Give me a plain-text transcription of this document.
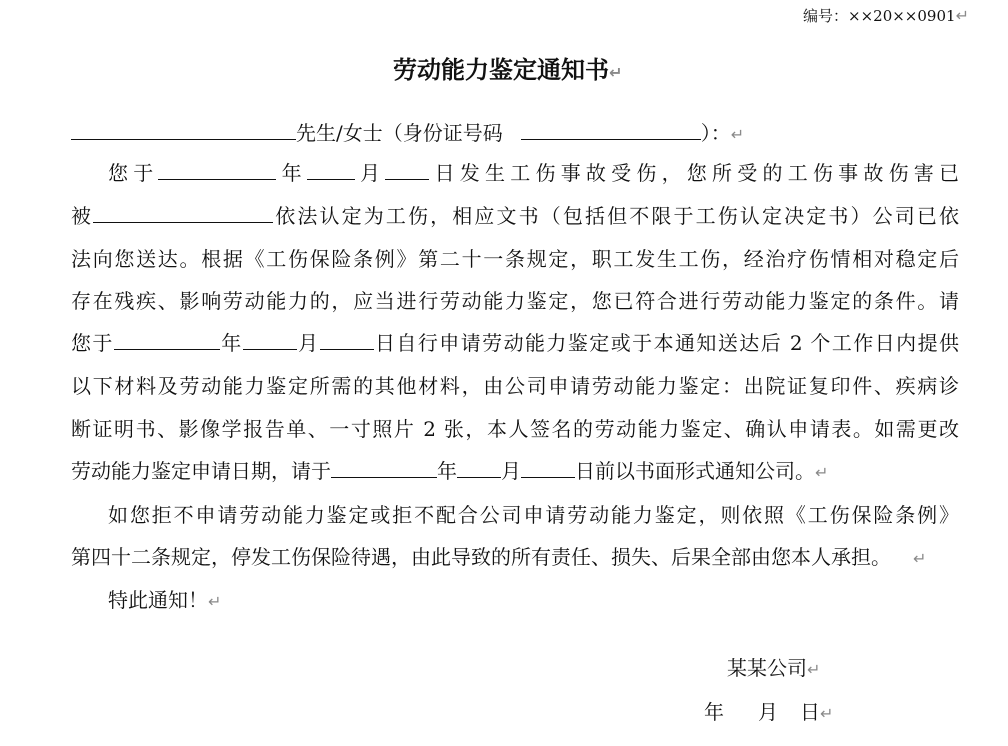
编号：××20××0901↵
劳动能力鉴定通知书↵
先生/女士（身份证号码	）：↵
您于	年 月 日发生工伤事故受伤，您所受的工伤事故伤害已
被	依法认定为工伤，相应文书（包括但不限于工伤认定决定书）公司已依
法向您送达。根据《工伤保险条例》第二十一条规定，职工发生工伤，经治疗伤情相对稳定后
存在残疾、影响劳动能力的，应当进行劳动能力鉴定，您已符合进行劳动能力鉴定的条件。请
您于	年	月	日自行申请劳动能力鉴定或于本通知送达后 2 个工作日内提供
以下材料及劳动能力鉴定所需的其他材料，由公司申请劳动能力鉴定：出院证复印件、疾病诊
断证明书、影像学报告单、一寸照片 2 张，本人签名的劳动能力鉴定、确认申请表。如需更改
劳动能力鉴定申请日期，请于	年 月	日前以书面形式通知公司。↵
如您拒不申请劳动能力鉴定或拒不配合公司申请劳动能力鉴定，则依照《工伤保险条例》
第四十二条规定，停发工伤保险待遇，由此导致的所有责任、损失、后果全部由您本人承担。 ↵
特此通知！↵
某某公司↵
年 月 日↵
